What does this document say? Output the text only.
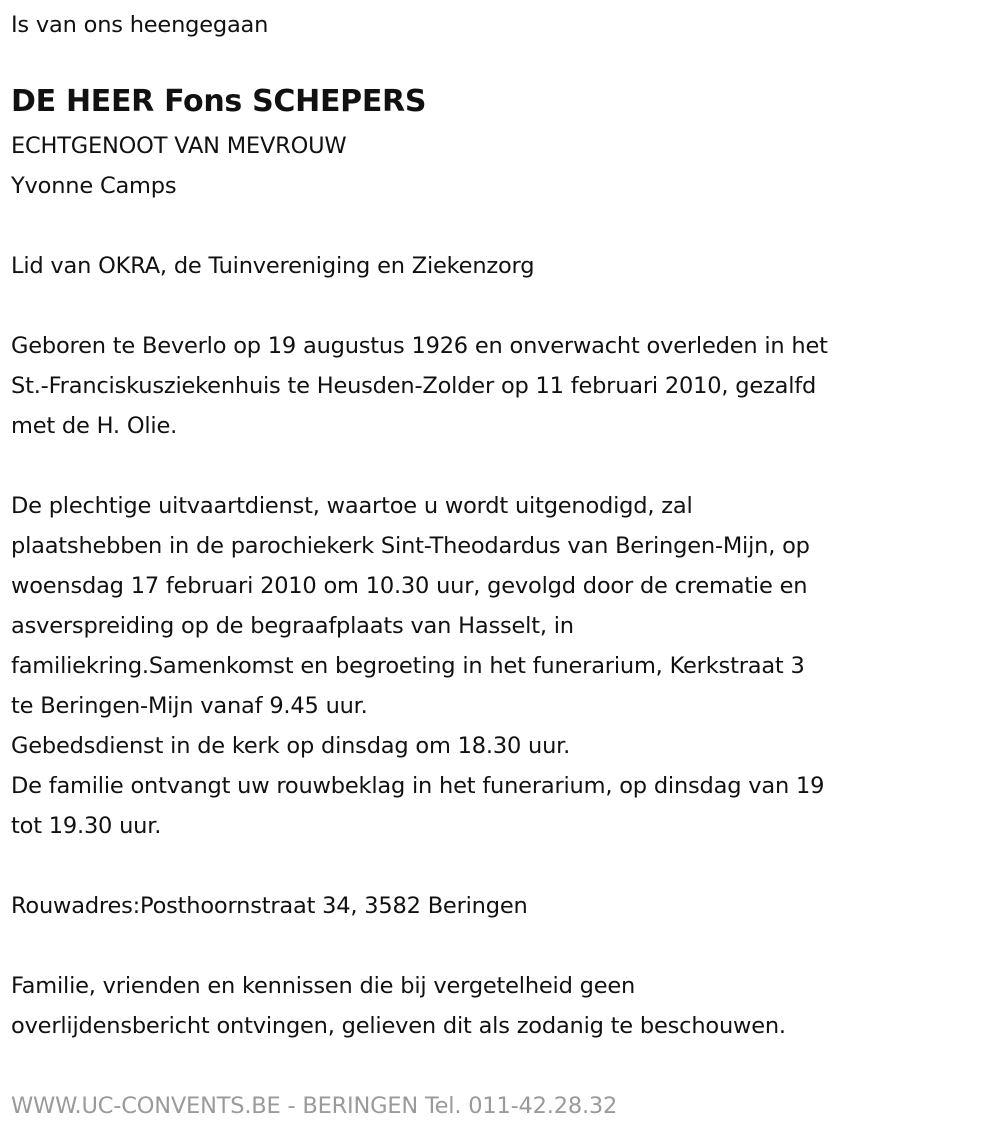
Is van ons heengegaan
DE HEER Fons SCHEPERS
ECHTGENOOT VAN MEVROUW
Yvonne Camps
Lid van OKRA, de Tuinvereniging en Ziekenzorg
Geboren te Beverlo op 19 augustus 1926 en onverwacht overleden in het
St.-Franciskusziekenhuis te Heusden-Zolder op 11 februari 2010, gezalfd
met de H. Olie.
De plechtige uitvaartdienst, waartoe u wordt uitgenodigd, zal
plaatshebben in de parochiekerk Sint-Theodardus van Beringen-Mijn, op
woensdag 17 februari 2010 om 10.30 uur, gevolgd door de crematie en
asverspreiding op de begraafplaats van Hasselt, in
familiekring.Samenkomst en begroeting in het funerarium, Kerkstraat 3
te Beringen-Mijn vanaf 9.45 uur.
Gebedsdienst in de kerk op dinsdag om 18.30 uur.
De familie ontvangt uw rouwbeklag in het funerarium, op dinsdag van 19
tot 19.30 uur.
Rouwadres:Posthoornstraat 34, 3582 Beringen
Familie, vrienden en kennissen die bij vergetelheid geen
overlijdensbericht ontvingen, gelieven dit als zodanig te beschouwen.
WWW.UC-CONVENTS.BE - BERINGEN Tel. 011-42.28.32
